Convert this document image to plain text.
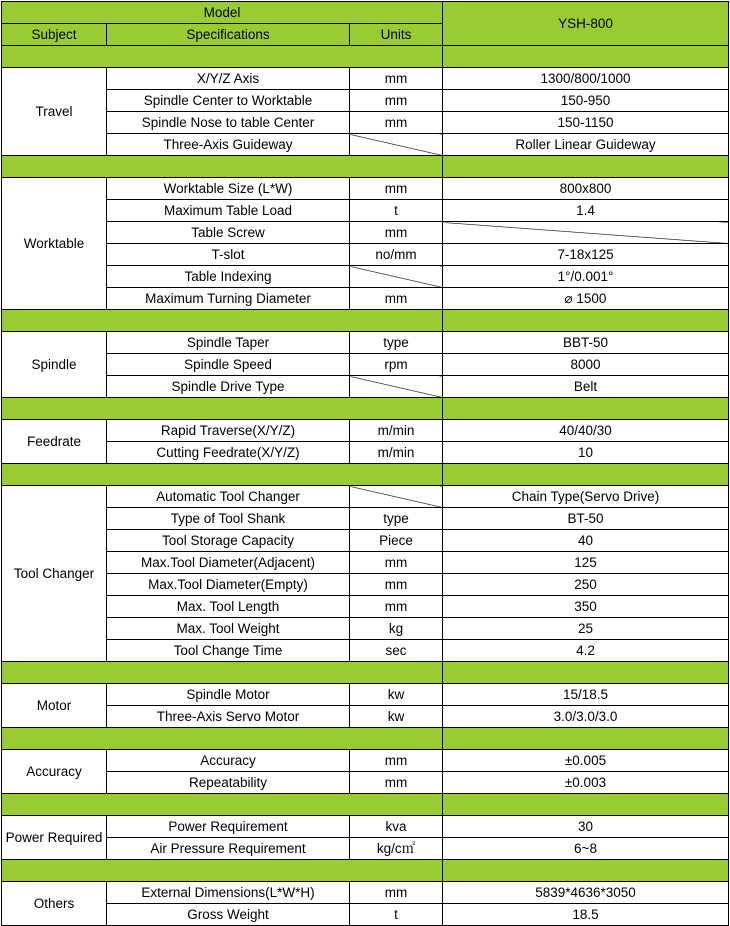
Model			YSH-800
Subject	Specifications	Units	

Travel	X/Y/Z Axis	mm	1300/800/1000
	Spindle Center to Worktable	mm	150-950
	Spindle Nose to table Center	mm	150-1150
	Three-Axis Guideway		Roller Linear Guideway

Worktable	Worktable Size (L*W)	mm	800x800
	Maximum Table Load	t	1.4
	Table Screw	mm	
	T-slot	no/mm	7-18x125
	Table Indexing		1°/0.001°
	Maximum Turning Diameter	mm	⌀ 1500

Spindle	Spindle Taper	type	BBT-50
	Spindle Speed	rpm	8000
	Spindle Drive Type		Belt

Feedrate	Rapid Traverse(X/Y/Z)	m/min	40/40/30
	Cutting Feedrate(X/Y/Z)	m/min	10

Tool Changer	Automatic Tool Changer		Chain Type(Servo Drive)
	Type of Tool Shank	type	BT-50
	Tool Storage Capacity	Piece	40
	Max.Tool Diameter(Adjacent)	mm	125
	Max.Tool Diameter(Empty)	mm	250
	Max. Tool Length	mm	350
	Max. Tool Weight	kg	25
	Tool Change Time	sec	4.2

Motor	Spindle Motor	kw	15/18.5
	Three-Axis Servo Motor	kw	3.0/3.0/3.0

Accuracy	Accuracy	mm	±0.005
	Repeatability	mm	±0.003

Power Required	Power Requirement	kva	30
	Air Pressure Requirement	kg/c㎡	6~8

Others	External Dimensions(L*W*H)	mm	5839*4636*3050
	Gross Weight	t	18.5
